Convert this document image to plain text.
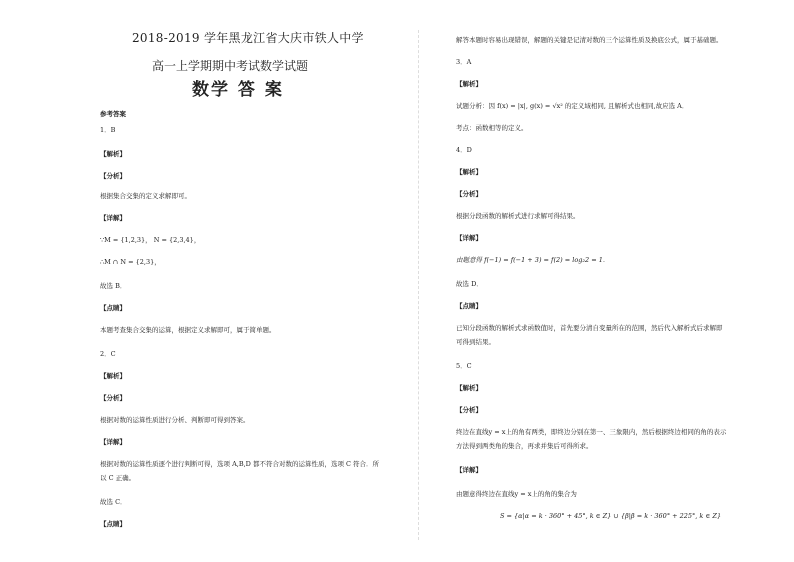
2018-2019 学年黑龙江省大庆市铁人中学
高一上学期期中考试数学试题
数学 答 案
参考答案
1．B
【解析】
【分析】
根据集合交集的定义求解即可。
【详解】
∵M = {1,2,3}， N = {2,3,4}，
∴M ∩ N = {2,3}，
故选 B．
【点睛】
本题考查集合交集的运算，根据定义求解即可，属于简单题。
2．C
【解析】
【分析】
根据对数的运算性质进行分析、判断即可得到答案。
【详解】
根据对数的运算性质逐个进行判断可得，选项 A,B,D 都不符合对数的运算性质，选项 C 符合．所
以 C 正确。
故选 C．
【点睛】
解答本题时容易出现错误，解题的关键是记清对数的三个运算性质及换底公式，属于基础题。
3．A
【解析】
试题分析：因 f(x) = |x|, g(x) = √x² 的定义域相同, 且解析式也相同,故应选 A．
考点：函数相等的定义。
4．D
【解析】
【分析】
根据分段函数的解析式进行求解可得结果。
【详解】
由题意得 f(−1) = f(−1 + 3) = f(2) = log₂2 = 1．
故选 D．
【点睛】
已知分段函数的解析式求函数值时，首先要分清自变量所在的范围，然后代入解析式后求解即
可得到结果。
5．C
【解析】
【分析】
终边在直线y = x上的角有两类，即终边分别在第一、三象限内，然后根据终边相同的角的表示
方法得到两类角的集合，再求并集后可得所求。
【详解】
由题意得终边在直线y = x上的角的集合为
S = {α|α = k · 360° + 45°, k ∈ Z} ∪ {β|β = k · 360° + 225°, k ∈ Z}
